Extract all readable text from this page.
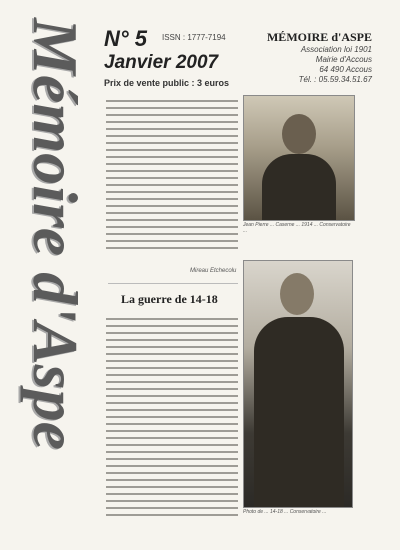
Mémoire d'Aspe N° 5 ISSN : 1777-7194
Janvier 2007
Prix de vente public : 3 euros
MÉMOIRE d'ASPE
Association loi 1901
Mairie d'Accous
64 490 Accous
Tél. : 05.59.34.51.67
Mireau Etchecolu
La guerre de 14-18
Jean Pierre ... Caserne ... 1914 ... Conservatoire ...
Photo de ... 14-18 ... Conservatoire ...
